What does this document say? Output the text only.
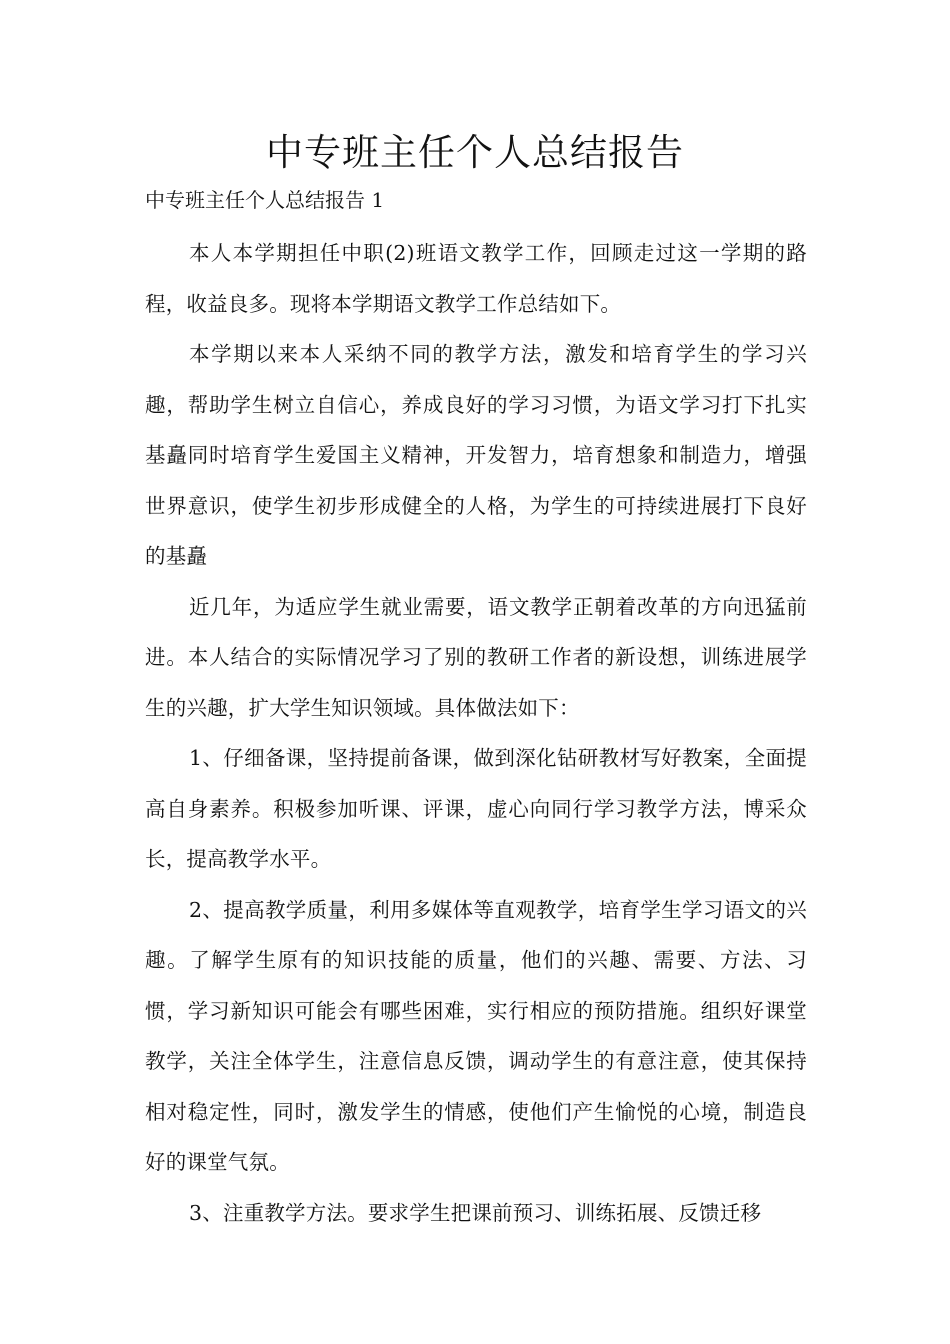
中专班主任个人总结报告

中专班主任个人总结报告 1

本人本学期担任中职(2)班语文教学工作，回顾走过这一学期的路程，收益良多。现将本学期语文教学工作总结如下。

本学期以来本人采纳不同的教学方法，激发和培育学生的学习兴趣，帮助学生树立自信心，养成良好的学习习惯，为语文学习打下扎实基矗同时培育学生爱国主义精神，开发智力，培育想象和制造力，增强世界意识，使学生初步形成健全的人格，为学生的可持续进展打下良好的基矗

近几年，为适应学生就业需要，语文教学正朝着改革的方向迅猛前进。本人结合的实际情况学习了别的教研工作者的新设想，训练进展学生的兴趣，扩大学生知识领域。具体做法如下：

1、仔细备课，坚持提前备课，做到深化钻研教材写好教案，全面提高自身素养。积极参加听课、评课，虚心向同行学习教学方法，博采众长，提高教学水平。

2、提高教学质量，利用多媒体等直观教学，培育学生学习语文的兴趣。了解学生原有的知识技能的质量，他们的兴趣、需要、方法、习惯，学习新知识可能会有哪些困难，实行相应的预防措施。组织好课堂教学，关注全体学生，注意信息反馈，调动学生的有意注意，使其保持相对稳定性，同时，激发学生的情感，使他们产生愉悦的心境，制造良好的课堂气氛。

3、注重教学方法。要求学生把课前预习、训练拓展、反馈迁移
